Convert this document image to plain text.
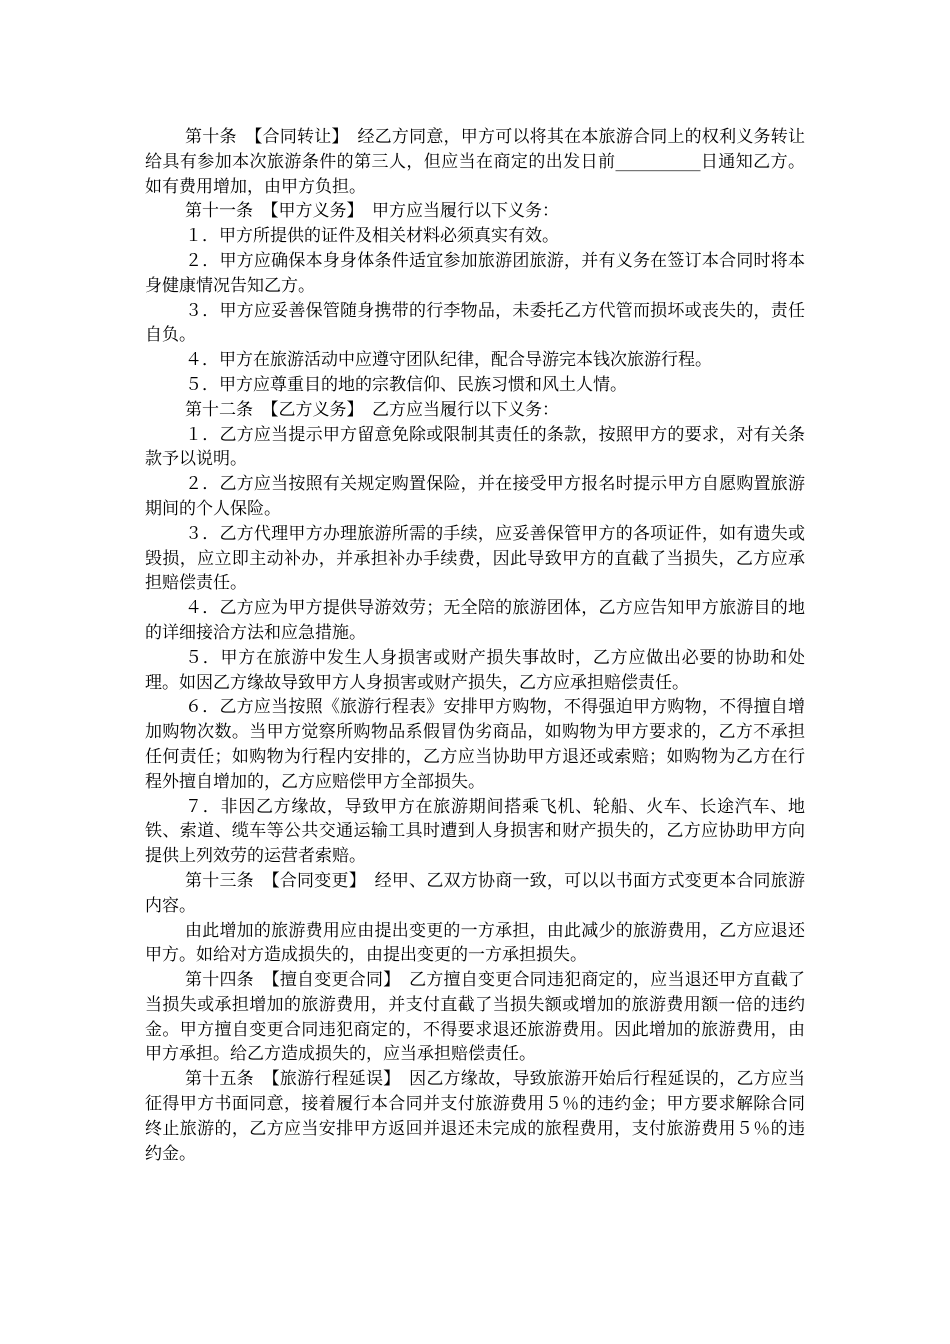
第十条　【合同转让】　经乙方同意，甲方可以将其在本旅游合同上的权利义务转让给具有参加本次旅游条件的第三人，但应当在商定的出发日前__________日通知乙方。如有费用增加，由甲方负担。

第十一条　【甲方义务】　甲方应当履行以下义务：

１．甲方所提供的证件及相关材料必须真实有效。

２．甲方应确保本身身体条件适宜参加旅游团旅游，并有义务在签订本合同时将本身健康情况告知乙方。

３．甲方应妥善保管随身携带的行李物品，未委托乙方代管而损坏或丧失的，责任自负。

４．甲方在旅游活动中应遵守团队纪律，配合导游完本钱次旅游行程。

５．甲方应尊重目的地的宗教信仰、民族习惯和风土人情。

第十二条　【乙方义务】　乙方应当履行以下义务：

１．乙方应当提示甲方留意免除或限制其责任的条款，按照甲方的要求，对有关条款予以说明。

２．乙方应当按照有关规定购置保险，并在接受甲方报名时提示甲方自愿购置旅游期间的个人保险。

３．乙方代理甲方办理旅游所需的手续，应妥善保管甲方的各项证件，如有遗失或毁损，应立即主动补办，并承担补办手续费，因此导致甲方的直截了当损失，乙方应承担赔偿责任。

４．乙方应为甲方提供导游效劳；无全陪的旅游团体，乙方应告知甲方旅游目的地的详细接洽方法和应急措施。

５．甲方在旅游中发生人身损害或财产损失事故时，乙方应做出必要的协助和处理。如因乙方缘故导致甲方人身损害或财产损失，乙方应承担赔偿责任。

６．乙方应当按照《旅游行程表》安排甲方购物，不得强迫甲方购物，不得擅自增加购物次数。当甲方觉察所购物品系假冒伪劣商品，如购物为甲方要求的，乙方不承担任何责任；如购物为行程内安排的，乙方应当协助甲方退还或索赔；如购物为乙方在行程外擅自增加的，乙方应赔偿甲方全部损失。

７．非因乙方缘故，导致甲方在旅游期间搭乘飞机、轮船、火车、长途汽车、地铁、索道、缆车等公共交通运输工具时遭到人身损害和财产损失的，乙方应协助甲方向提供上列效劳的运营者索赔。

第十三条　【合同变更】　经甲、乙双方协商一致，可以以书面方式变更本合同旅游内容。

由此增加的旅游费用应由提出变更的一方承担，由此减少的旅游费用，乙方应退还甲方。如给对方造成损失的，由提出变更的一方承担损失。

第十四条　【擅自变更合同】　乙方擅自变更合同违犯商定的，应当退还甲方直截了当损失或承担增加的旅游费用，并支付直截了当损失额或增加的旅游费用额一倍的违约金。甲方擅自变更合同违犯商定的，不得要求退还旅游费用。因此增加的旅游费用，由甲方承担。给乙方造成损失的，应当承担赔偿责任。

第十五条　【旅游行程延误】　因乙方缘故，导致旅游开始后行程延误的，乙方应当征得甲方书面同意，接着履行本合同并支付旅游费用５％的违约金；甲方要求解除合同终止旅游的，乙方应当安排甲方返回并退还未完成的旅程费用，支付旅游费用５％的违约金。
